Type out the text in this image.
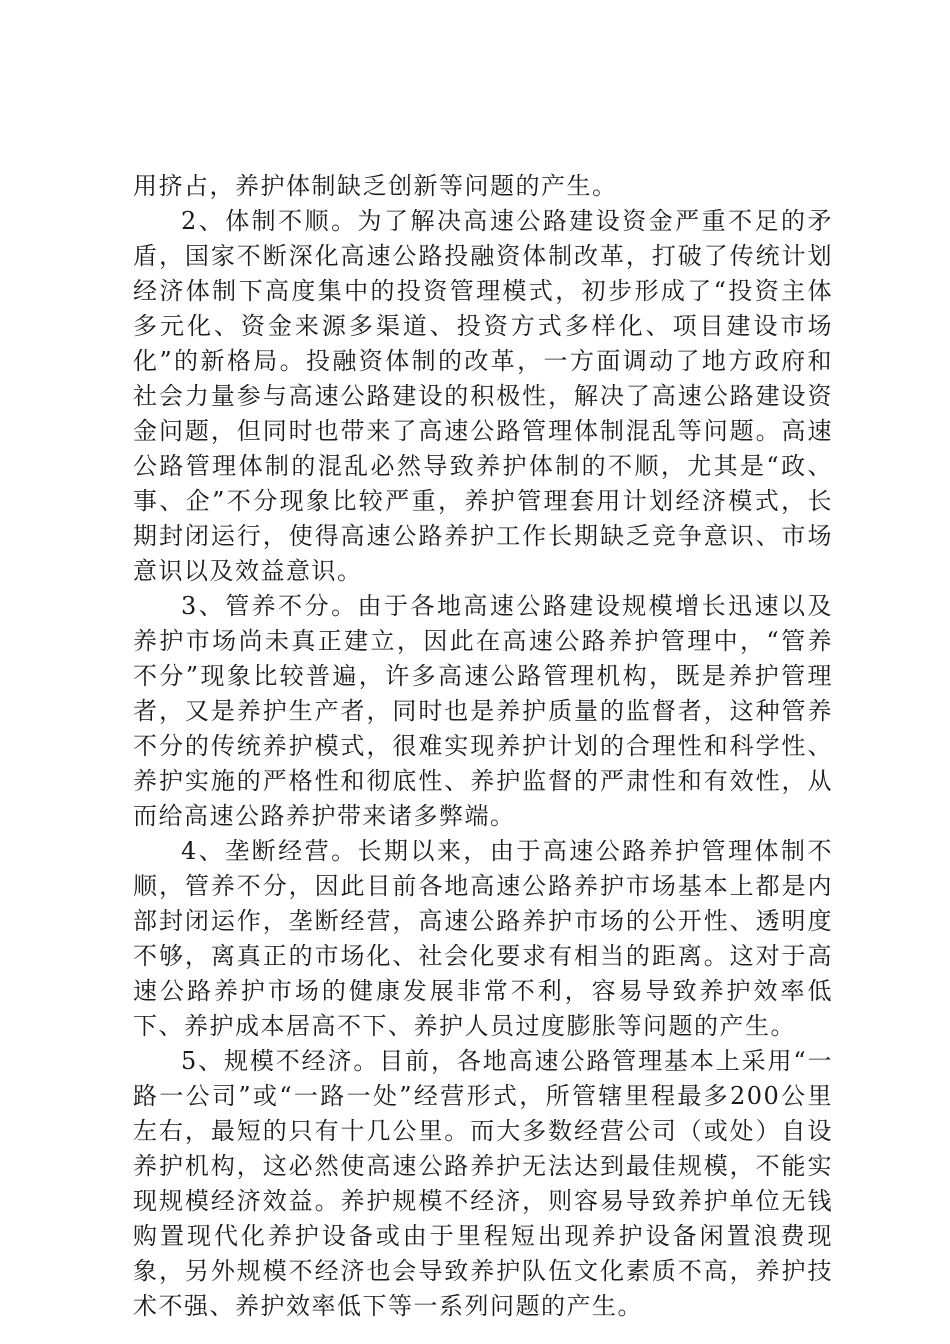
用挤占，养护体制缺乏创新等问题的产生。

2、体制不顺。为了解决高速公路建设资金严重不足的矛盾，国家不断深化高速公路投融资体制改革，打破了传统计划经济体制下高度集中的投资管理模式，初步形成了“投资主体多元化、资金来源多渠道、投资方式多样化、项目建设市场化”的新格局。投融资体制的改革，一方面调动了地方政府和社会力量参与高速公路建设的积极性，解决了高速公路建设资金问题，但同时也带来了高速公路管理体制混乱等问题。高速公路管理体制的混乱必然导致养护体制的不顺，尤其是“政、事、企”不分现象比较严重，养护管理套用计划经济模式，长期封闭运行，使得高速公路养护工作长期缺乏竞争意识、市场意识以及效益意识。

3、管养不分。由于各地高速公路建设规模增长迅速以及养护市场尚未真正建立，因此在高速公路养护管理中，“管养不分”现象比较普遍，许多高速公路管理机构，既是养护管理者，又是养护生产者，同时也是养护质量的监督者，这种管养不分的传统养护模式，很难实现养护计划的合理性和科学性、养护实施的严格性和彻底性、养护监督的严肃性和有效性，从而给高速公路养护带来诸多弊端。

4、垄断经营。长期以来，由于高速公路养护管理体制不顺，管养不分，因此目前各地高速公路养护市场基本上都是内部封闭运作，垄断经营，高速公路养护市场的公开性、透明度不够，离真正的市场化、社会化要求有相当的距离。这对于高速公路养护市场的健康发展非常不利，容易导致养护效率低下、养护成本居高不下、养护人员过度膨胀等问题的产生。

5、规模不经济。目前，各地高速公路管理基本上采用“一路一公司”或“一路一处”经营形式，所管辖里程最多200公里左右，最短的只有十几公里。而大多数经营公司（或处）自设养护机构，这必然使高速公路养护无法达到最佳规模，不能实现规模经济效益。养护规模不经济，则容易导致养护单位无钱购置现代化养护设备或由于里程短出现养护设备闲置浪费现象，另外规模不经济也会导致养护队伍文化素质不高，养护技术不强、养护效率低下等一系列问题的产生。
